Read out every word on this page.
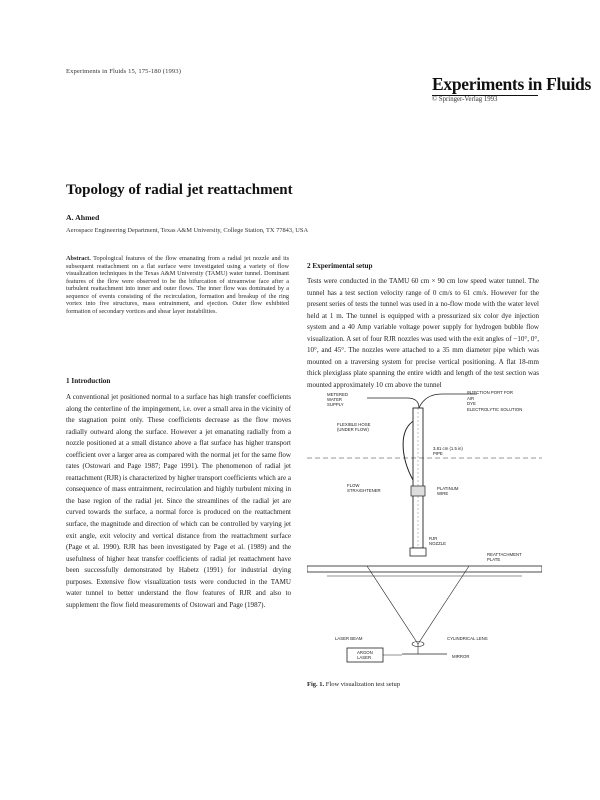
Experiments in Fluids 15, 175-180 (1993)
Experiments in Fluids
© Springer-Verlag 1993
Topology of radial jet reattachment
A. Ahmed
Aerospace Engineering Department, Texas A&M University, College Station, TX 77843, USA
Abstract. Topological features of the flow emanating from a radial jet nozzle and its subsequent reattachment on a flat surface were investigated using a variety of flow visualization techniques in the Texas A&M University (TAMU) water tunnel. Dominant features of the flow were observed to be the bifurcation of streamwise face after a turbulent reattachment into inner and outer flows. The inner flow was dominated by a sequence of events consisting of the recirculation, formation and breakup of the ring vortex into five structures, mass entrainment, and ejection. Outer flow exhibited formation of secondary vortices and shear layer instabilities.
1 Introduction
A conventional jet positioned normal to a surface has high transfer coefficients along the centerline of the impingement, i.e. over a small area in the vicinity of the stagnation point only. These coefficients decrease as the flow moves radially outward along the surface. However a jet emanating radially from a nozzle positioned at a small distance above a flat surface has higher transport coefficient over a larger area as compared with the normal jet for the same flow rates (Ostowari and Page 1987; Page 1991). The phenomenon of radial jet reattachment (RJR) is characterized by higher transport coefficients which are a consequence of mass entrainment, recirculation and highly turbulent mixing in the base region of the radial jet. Since the streamlines of the radial jet are curved towards the surface, a normal force is produced on the reattachment surface, the magnitude and direction of which can be controlled by varying jet exit angle, exit velocity and vertical distance from the reattachment surface (Page et al. 1990). RJR has been investigated by Page et al. (1989) and the usefulness of higher heat transfer coefficients of radial jet reattachment have been successfully demonstrated by Habetz (1991) for industrial drying purposes. Extensive flow visualization tests were conducted in the TAMU water tunnel to better understand the flow features of RJR and also to supplement the flow field measurements of Ostowari and Page (1987).
2 Experimental setup
Tests were conducted in the TAMU 60 cm × 90 cm low speed water tunnel. The tunnel has a test section velocity range of 0 cm/s to 61 cm/s. However for the present series of tests the tunnel was used in a no-flow mode with the water level held at 1 m. The tunnel is equipped with a pressurized six color dye injection system and a 40 Amp variable voltage power supply for hydrogen bubble flow visualization. A set of four RJR nozzles was used with the exit angles of −10°, 0°, 10°, and 45°. The nozzles were attached to a 35 mm diameter pipe which was mounted on a traversing system for precise vertical positioning. A flat 18-mm thick plexiglass plate spanning the entire width and length of the test section was mounted approximately 10 cm above the tunnel
INJECTION PORT FOR
AIR
DYE
ELECTROLYTIC SOLUTION
METERED
WATER
SUPPLY
FLEXIBLE HOSE
(UNDER FLOW)
3.81 cm (1.5 in)
PIPE
FLOW
STRAIGHTENER	PLATINUM
WIRE
RJR
NOZZLE
REATTACHMENT
PLATE
LASER BEAM	CYLINDRICAL LENS
ARGON
LASER	MIRROR
Fig. 1. Flow visualization test setup
